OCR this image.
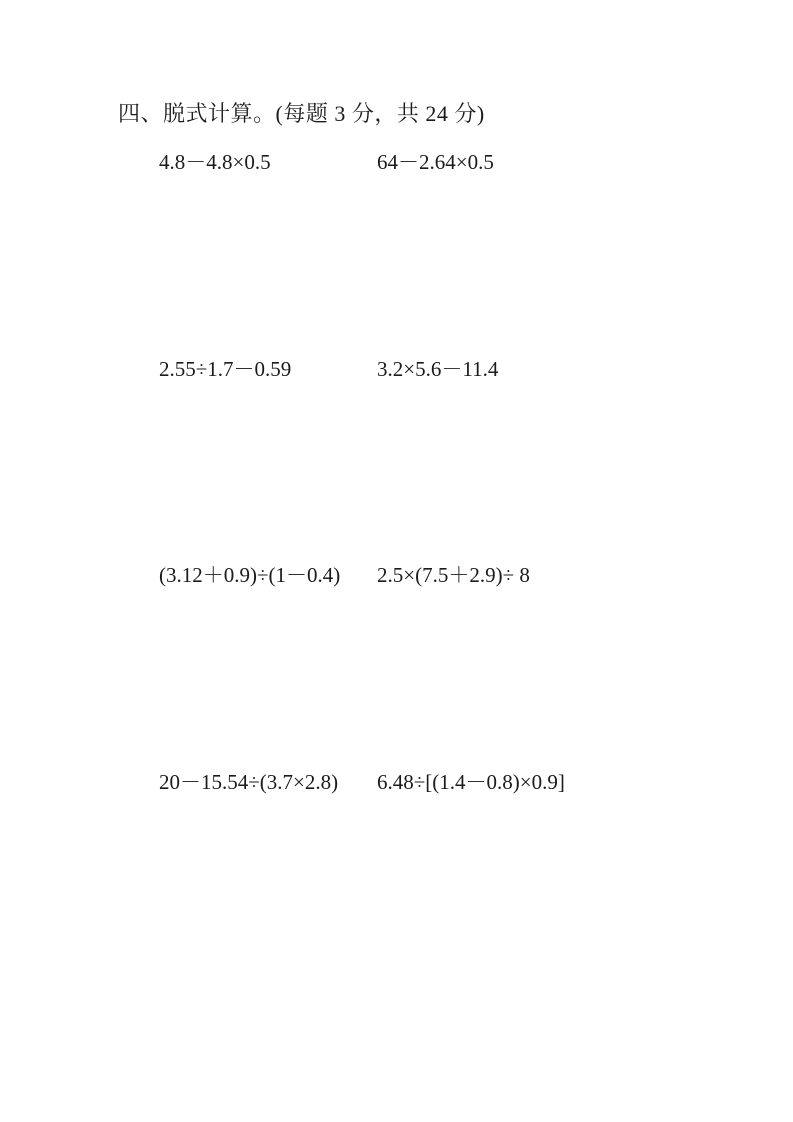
四、脱式计算。(每题 3 分，共 24 分)
4.8－4.8×0.5	64－2.64×0.5
2.55÷1.7－0.59	3.2×5.6－11.4
(3.12＋0.9)÷(1－0.4) 2.5×(7.5＋2.9)÷ 8
20－15.54÷(3.7×2.8) 6.48÷[(1.4－0.8)×0.9]
